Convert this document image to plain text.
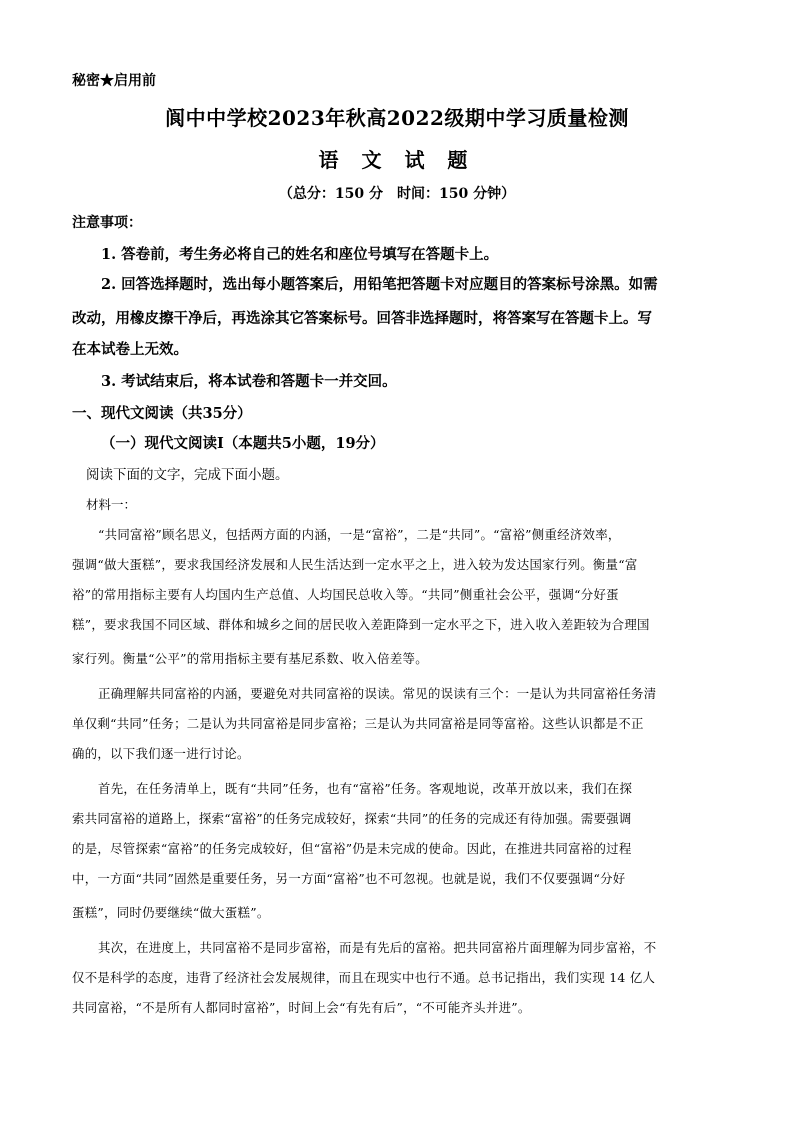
秘密★启用前
阆中中学校2023年秋高2022级期中学习质量检测
语 文 试 题
（总分：150 分　时间：150 分钟）
注意事项：
1. 答卷前，考生务必将自己的姓名和座位号填写在答题卡上。
2. 回答选择题时，选出每小题答案后，用铅笔把答题卡对应题目的答案标号涂黑。如需
改动，用橡皮擦干净后，再选涂其它答案标号。回答非选择题时，将答案写在答题卡上。写
在本试卷上无效。
3. 考试结束后，将本试卷和答题卡一并交回。
一、现代文阅读（共35分）
（一）现代文阅读Ⅰ（本题共5小题，19分）
阅读下面的文字，完成下面小题。
材料一：
“共同富裕”顾名思义，包括两方面的内涵，一是“富裕”，二是“共同”。“富裕”侧重经济效率，
强调“做大蛋糕”，要求我国经济发展和人民生活达到一定水平之上，进入较为发达国家行列。衡量“富
裕”的常用指标主要有人均国内生产总值、人均国民总收入等。“共同”侧重社会公平，强调“分好蛋
糕”，要求我国不同区域、群体和城乡之间的居民收入差距降到一定水平之下，进入收入差距较为合理国
家行列。衡量“公平”的常用指标主要有基尼系数、收入倍差等。
正确理解共同富裕的内涵，要避免对共同富裕的误读。常见的误读有三个：一是认为共同富裕任务清
单仅剩“共同”任务；二是认为共同富裕是同步富裕；三是认为共同富裕是同等富裕。这些认识都是不正
确的，以下我们逐一进行讨论。
首先，在任务清单上，既有“共同”任务，也有“富裕”任务。客观地说，改革开放以来，我们在探
索共同富裕的道路上，探索“富裕”的任务完成较好，探索“共同”的任务的完成还有待加强。需要强调
的是，尽管探索“富裕”的任务完成较好，但“富裕”仍是未完成的使命。因此，在推进共同富裕的过程
中，一方面“共同”固然是重要任务，另一方面“富裕”也不可忽视。也就是说，我们不仅要强调“分好
蛋糕”，同时仍要继续“做大蛋糕”。
其次，在进度上，共同富裕不是同步富裕，而是有先后的富裕。把共同富裕片面理解为同步富裕，不
仅不是科学的态度，违背了经济社会发展规律，而且在现实中也行不通。总书记指出，我们实现 14 亿人
共同富裕，“不是所有人都同时富裕”，时间上会“有先有后”，“不可能齐头并进”。
